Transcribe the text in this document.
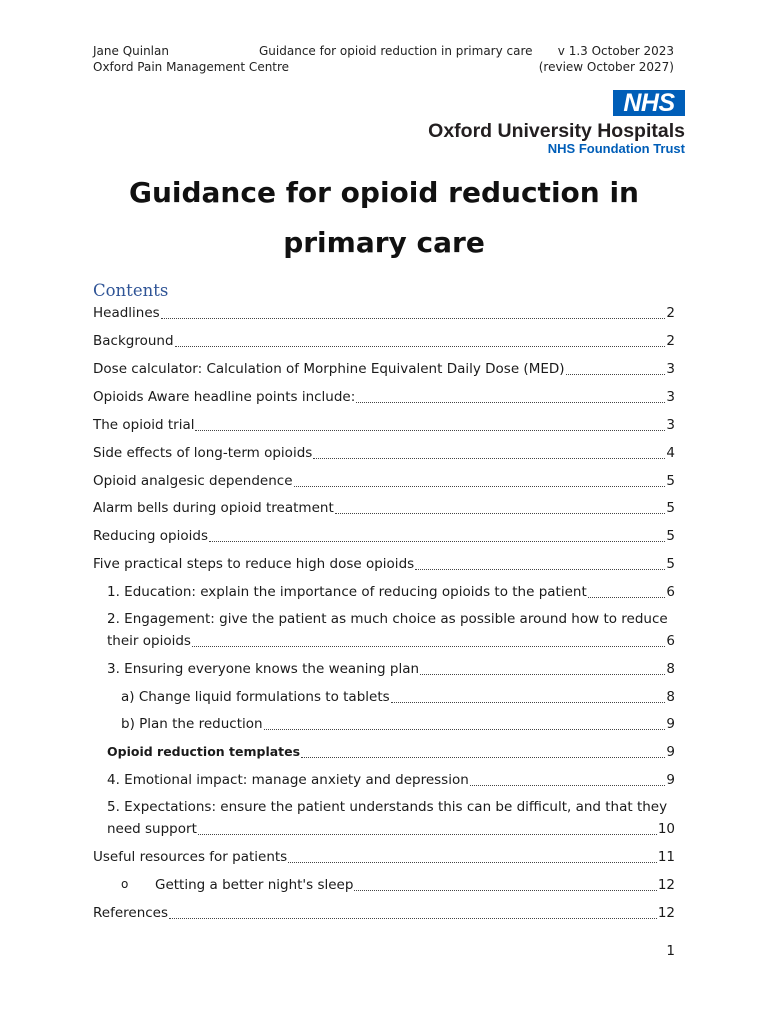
Jane Quinlan
Oxford Pain Management Centre
Guidance for opioid reduction in primary care v 1.3 October 2023
(review October 2027)
NHS
Oxford University Hospitals
NHS Foundation Trust
Guidance for opioid reduction in primary care
Contents
Headlines	2
Background	2
Dose calculator: Calculation of Morphine Equivalent Daily Dose (MED)	3
Opioids Aware headline points include:	3
The opioid trial	3
Side effects of long-term opioids	4
Opioid analgesic dependence	5
Alarm bells during opioid treatment	5
Reducing opioids	5
Five practical steps to reduce high dose opioids	5
1. Education: explain the importance of reducing opioids to the patient	6
2. Engagement: give the patient as much choice as possible around how to reduce
their opioids	6
3. Ensuring everyone knows the weaning plan	8
a) Change liquid formulations to tablets	8
b) Plan the reduction	9
Opioid reduction templates	9
4. Emotional impact: manage anxiety and depression	9
5. Expectations: ensure the patient understands this can be difficult, and that they
need support	10
Useful resources for patients	11
o Getting a better night's sleep	12
References	12
1
